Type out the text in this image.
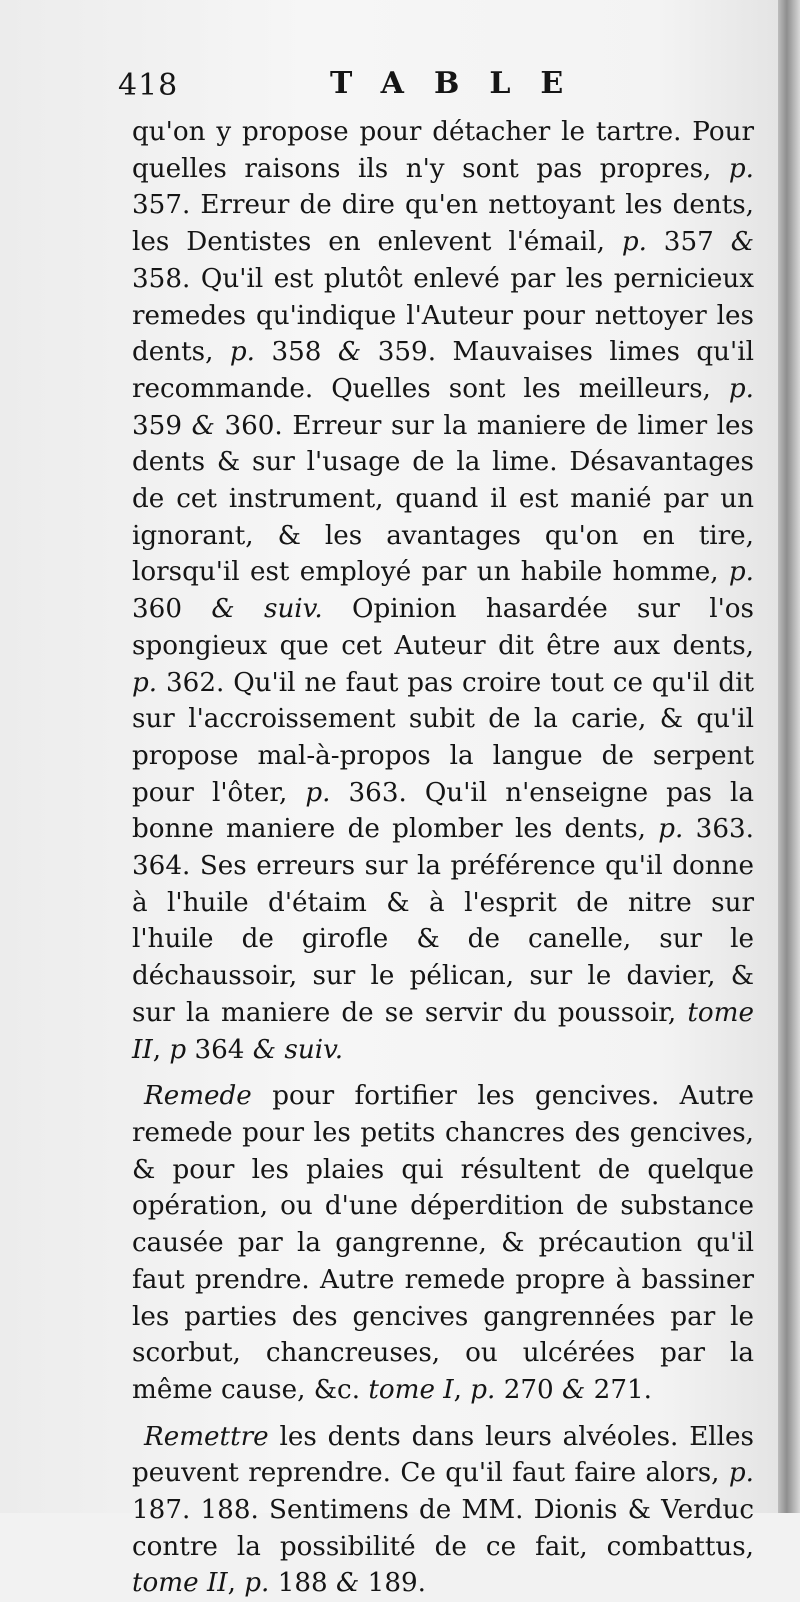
418	TABLE

qu'on y propose pour détacher le tartre. Pour quelles raisons ils n'y sont pas propres, p. 357. Erreur de dire qu'en nettoyant les dents, les Dentistes en enlevent l'émail, p. 357 & 358. Qu'il est plutôt enlevé par les pernicieux remedes qu'indique l'Auteur pour nettoyer les dents, p. 358 & 359. Mauvaises limes qu'il recommande. Quelles sont les meilleurs, p. 359 & 360. Erreur sur la maniere de limer les dents & sur l'usage de la lime. Désavantages de cet instrument, quand il est manié par un ignorant, & les avantages qu'on en tire, lorsqu'il est employé par un habile homme, p. 360 & suiv. Opinion hasardée sur l'os spongieux que cet Auteur dit être aux dents, p. 362. Qu'il ne faut pas croire tout ce qu'il dit sur l'accroissement subit de la carie, & qu'il propose mal-à-propos la langue de serpent pour l'ôter, p. 363. Qu'il n'enseigne pas la bonne maniere de plomber les dents, p. 363. 364. Ses erreurs sur la préférence qu'il donne à l'huile d'étaim & à l'esprit de nitre sur l'huile de girofle & de canelle, sur le déchaussoir, sur le pélican, sur le davier, & sur la maniere de se servir du poussoir, tome II, p 364 & suiv.

Remede pour fortifier les gencives. Autre remede pour les petits chancres des gencives, & pour les plaies qui résultent de quelque opération, ou d'une déperdition de substance causée par la gangrenne, & précaution qu'il faut prendre. Autre remede propre à bassiner les parties des gencives gangrennées par le scorbut, chancreuses, ou ulcérées par la même cause, &c. tome I, p. 270 & 271.

Remettre les dents dans leurs alvéoles. Elles peuvent reprendre. Ce qu'il faut faire alors, p. 187. 188. Sentimens de MM. Dionis & Verduc contre la possibilité de ce fait, combattus, tome II, p. 188 & 189.
